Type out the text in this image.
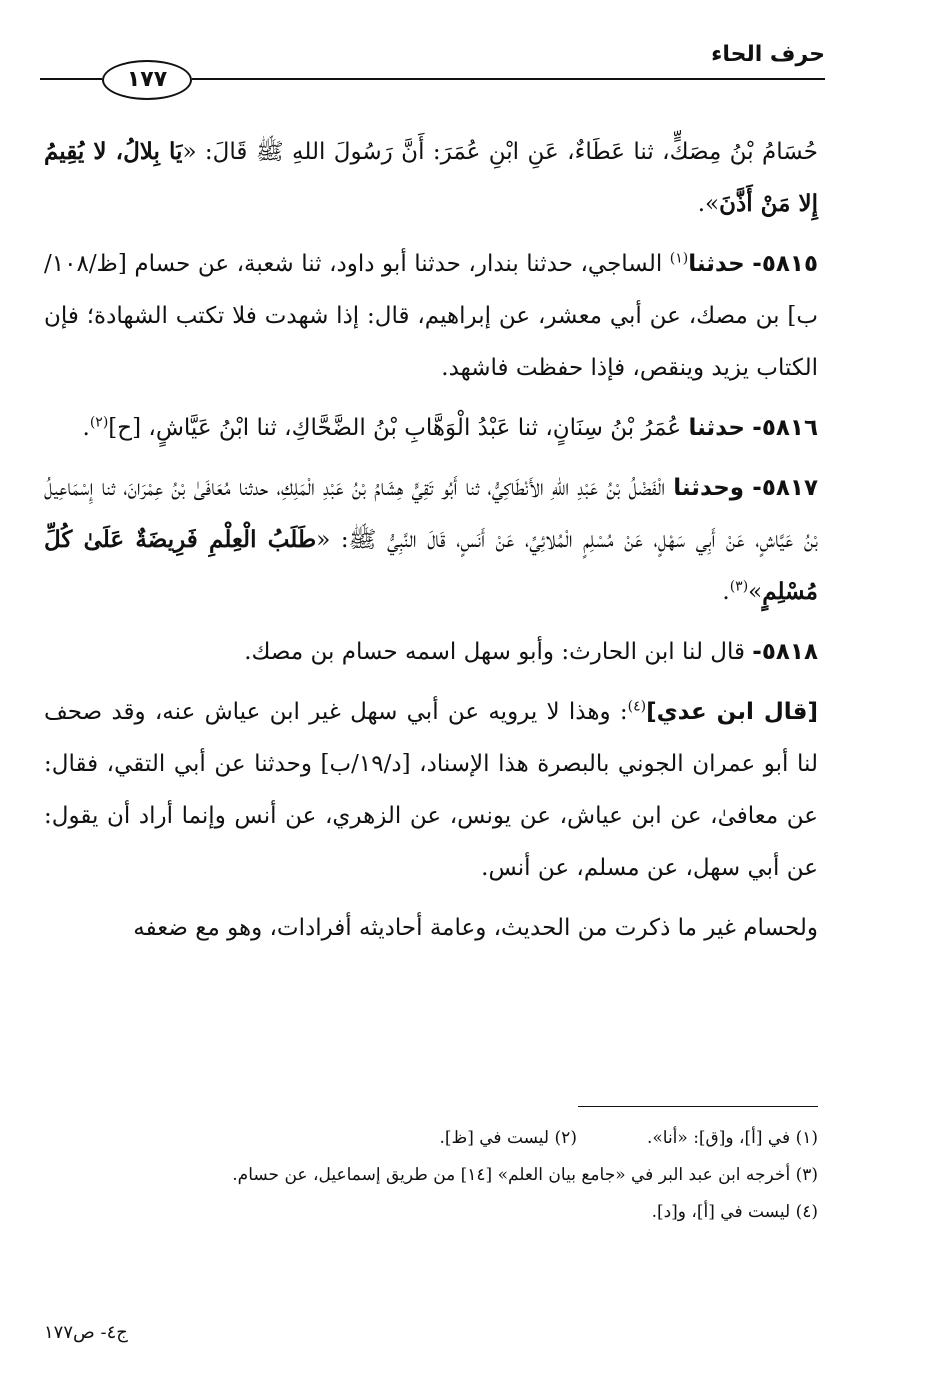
حرف الحاء
١٧٧

حُسَامُ بْنُ مِصَكٍّ، ثنا عَطَاءٌ، عَنِ ابْنِ عُمَرَ: أَنَّ رَسُولَ اللهِ ﷺ قَالَ: «يَا بِلالُ، لا يُقِيمُ إِلا مَنْ أَذَّنَ».

٥٨١٥- حدثنا$^{(١)}$ الساجي، حدثنا بندار، حدثنا أبو داود، ثنا شعبة، عن حسام [ظ/١٠٨/ب] بن مصك، عن أبي معشر، عن إبراهيم، قال: إذا شهدت فلا تكتب الشهادة؛ فإن الكتاب يزيد وينقص، فإذا حفظت فاشهد.

٥٨١٦- حدثنا عُمَرُ بْنُ سِنَانٍ، ثنا عَبْدُ الْوَهَّابِ بْنُ الضَّحَّاكِ، ثنا ابْنُ عَيَّاشٍ، [ح]$^{(٢)}$.

٥٨١٧- وحدثنا الْفَضْلُ بْنُ عَبْدِ اللهِ الأَنْطَاكِيُّ، ثنا أَبُو تَقِيٍّ هِشَامُ بْنُ عَبْدِ الْمَلِكِ، حدثنا مُعَافَىٰ بْنُ عِمْرَانَ، ثنا إِسْمَاعِيلُ بْنُ عَيَّاشٍ، عَنْ أَبِي سَهْلٍ، عَنْ مُسْلِمٍ الْمُلائِيِّ، عَنْ أَنَسٍ، قَالَ النَّبِيُّ ﷺ: «طَلَبُ الْعِلْمِ فَرِيضَةٌ عَلَىٰ كُلِّ مُسْلِمٍ»$^{(٣)}$.

٥٨١٨- قال لنا ابن الحارث: وأبو سهل اسمه حسام بن مصك.

[قال ابن عدي]$^{(٤)}$: وهذا لا يرويه عن أبي سهل غير ابن عياش عنه، وقد صحف لنا أبو عمران الجوني بالبصرة هذا الإسناد، [د/١٩/ب] وحدثنا عن أبي التقي، فقال: عن معافىٰ، عن ابن عياش، عن يونس، عن الزهري، عن أنس وإنما أراد أن يقول: عن أبي سهل، عن مسلم، عن أنس.

ولحسام غير ما ذكرت من الحديث، وعامة أحاديثه أفرادات، وهو مع ضعفه

(١) في [أ]، و[ق]: «أنا».
(٢) ليست في [ظ].
(٣) أخرجه ابن عبد البر في «جامع بيان العلم» [١٤] من طريق إسماعيل، عن حسام.
(٤) ليست في [أ]، و[د].
ج٤- ص١٧٧
